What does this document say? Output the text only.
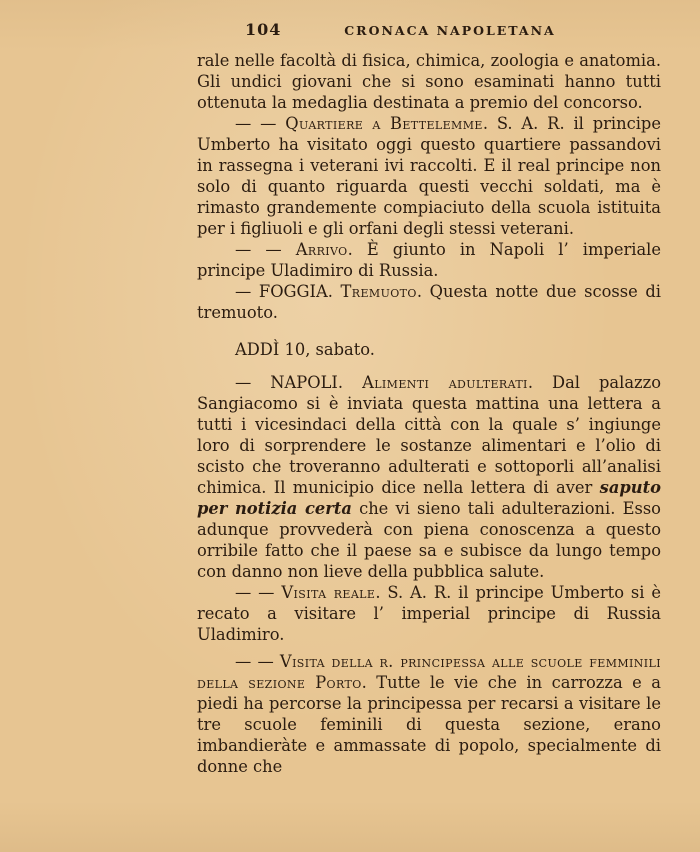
104	CRONACA NAPOLETANA

rale nelle facoltà di fisica, chimica, zoologia e anatomia. Gli undici giovani che si sono esaminati hanno tutti ottenuta la medaglia destinata a premio del concorso.

— — Quartiere a Bettelemme. S. A. R. il principe Umberto ha visitato oggi questo quartiere passandovi in rassegna i veterani ivi raccolti. E il real principe non solo di quanto riguarda questi vecchi soldati, ma è rimasto grandemente compiaciuto della scuola istituita per i figliuoli e gli orfani degli stessi veterani.

— — Arrivo. È giunto in Napoli l’ imperiale principe Uladimiro di Russia.

— FOGGIA. Tremuoto. Questa notte due scosse di tremuoto.

ADDÌ 10, sabato.

— NAPOLI. Alimenti adulterati. Dal palazzo Sangiacomo si è inviata questa mattina una lettera a tutti i vicesindaci della città con la quale s’ ingiunge loro di sorprendere le sostanze alimentari e l’olio di scisto che troveranno adulterati e sottoporli all’analisi chimica. Il municipio dice nella lettera di aver saputo per notizia certa che vi sieno tali adulterazioni. Esso adunque provvederà con piena conoscenza a questo orribile fatto che il paese sa e subisce da lungo tempo con danno non lieve della pubblica salute.

— — Visita reale. S. A. R. il principe Umberto si è recato a visitare l’ imperial principe di Russia Uladimiro.

— — Visita della r. principessa alle scuole femminili della sezione Porto. Tutte le vie che in carrozza e a piedi ha percorse la principessa per recarsi a visitare le tre scuole feminili di questa sezione, erano imbandieràte e ammassate di popolo, specialmente di donne che
